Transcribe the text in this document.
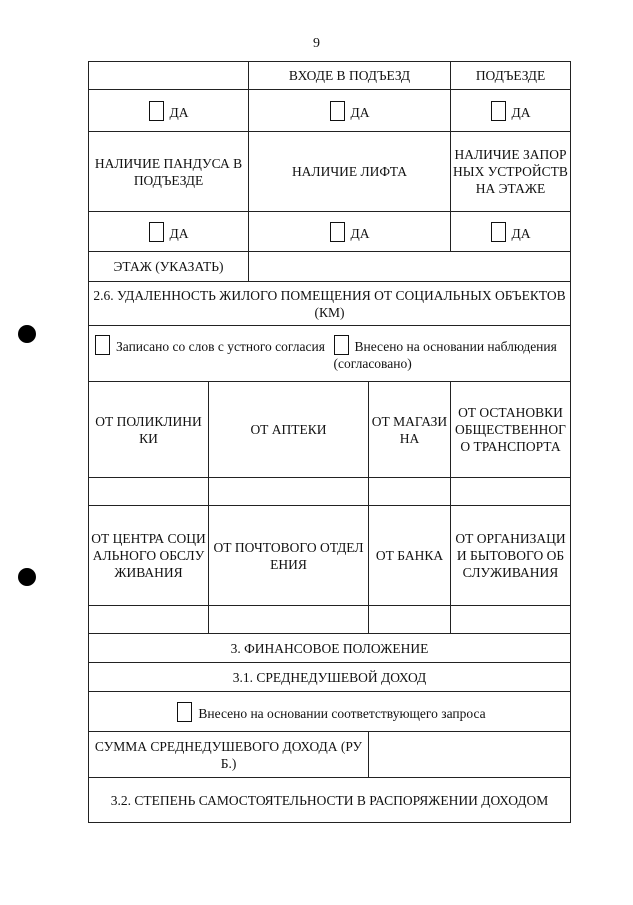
9
		ВХОДЕ В ПОДЪЕЗД		ПОДЪЕЗДЕ
ДА		ДА		ДА
НАЛИЧИЕ ПАНДУСА В ПОДЪЕЗДЕ		НАЛИЧИЕ ЛИФТА		НАЛИЧИЕ ЗАПОРНЫХ УСТРОЙСТВ НА ЭТАЖЕ
ДА		ДА		ДА
ЭТАЖ (УКАЗАТЬ)				
2.6. УДАЛЕННОСТЬ ЖИЛОГО ПОМЕЩЕНИЯ ОТ СОЦИАЛЬНЫХ ОБЪЕКТОВ (КМ)				
Записано со слов с устного согласия Внесено на основании наблюдения (согласовано)				
ОТ ПОЛИКЛИНИКИ	ОТ АПТЕКИ		ОТ МАГАЗИНА	ОТ ОСТАНОВКИ ОБЩЕСТВЕННОГО ТРАНСПОРТА

ОТ ЦЕНТРА СОЦИАЛЬНОГО ОБСЛУЖИВАНИЯ	ОТ ПОЧТОВОГО ОТДЕЛЕНИЯ		ОТ БАНКА	ОТ ОРГАНИЗАЦИИ БЫТОВОГО ОБСЛУЖИВАНИЯ

3. ФИНАНСОВОЕ ПОЛОЖЕНИЕ				
3.1. СРЕДНЕДУШЕВОЙ ДОХОД				
Внесено на основании соответствующего запроса				
СУММА СРЕДНЕДУШЕВОГО ДОХОДА (РУБ.)				
3.2. СТЕПЕНЬ САМОСТОЯТЕЛЬНОСТИ В РАСПОРЯЖЕНИИ ДОХОДОМ				
